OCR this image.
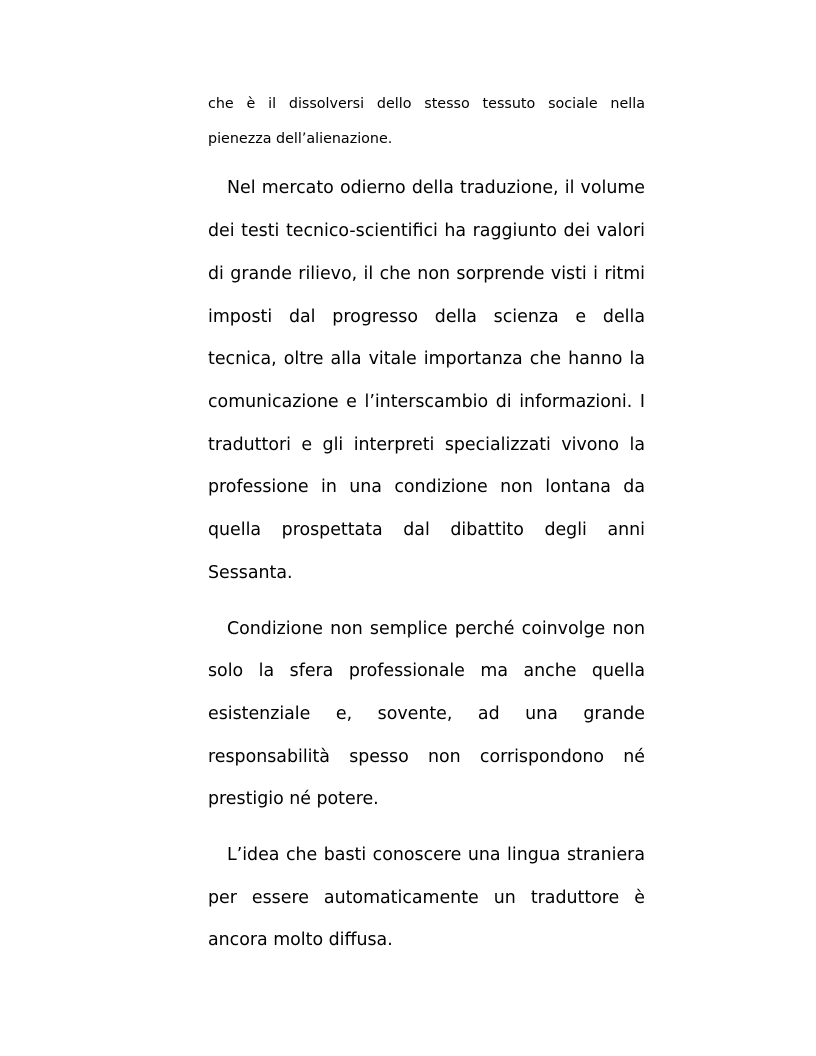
che è il dissolversi dello stesso tessuto sociale nella
pienezza dell’alienazione.
Nel mercato odierno della traduzione, il volume
dei testi tecnico-scientifici ha raggiunto dei valori
di grande rilievo, il che non sorprende visti i ritmi
imposti dal progresso della scienza e della
tecnica, oltre alla vitale importanza che hanno la
comunicazione e l’interscambio di informazioni. I
traduttori e gli interpreti specializzati vivono la
professione in una condizione non lontana da
quella prospettata dal dibattito degli anni
Sessanta.
Condizione non semplice perché coinvolge non
solo la sfera professionale ma anche quella
esistenziale e, sovente, ad una grande
responsabilità spesso non corrispondono né
prestigio né potere.
L’idea che basti conoscere una lingua straniera
per essere automaticamente un traduttore è
ancora molto diffusa.
